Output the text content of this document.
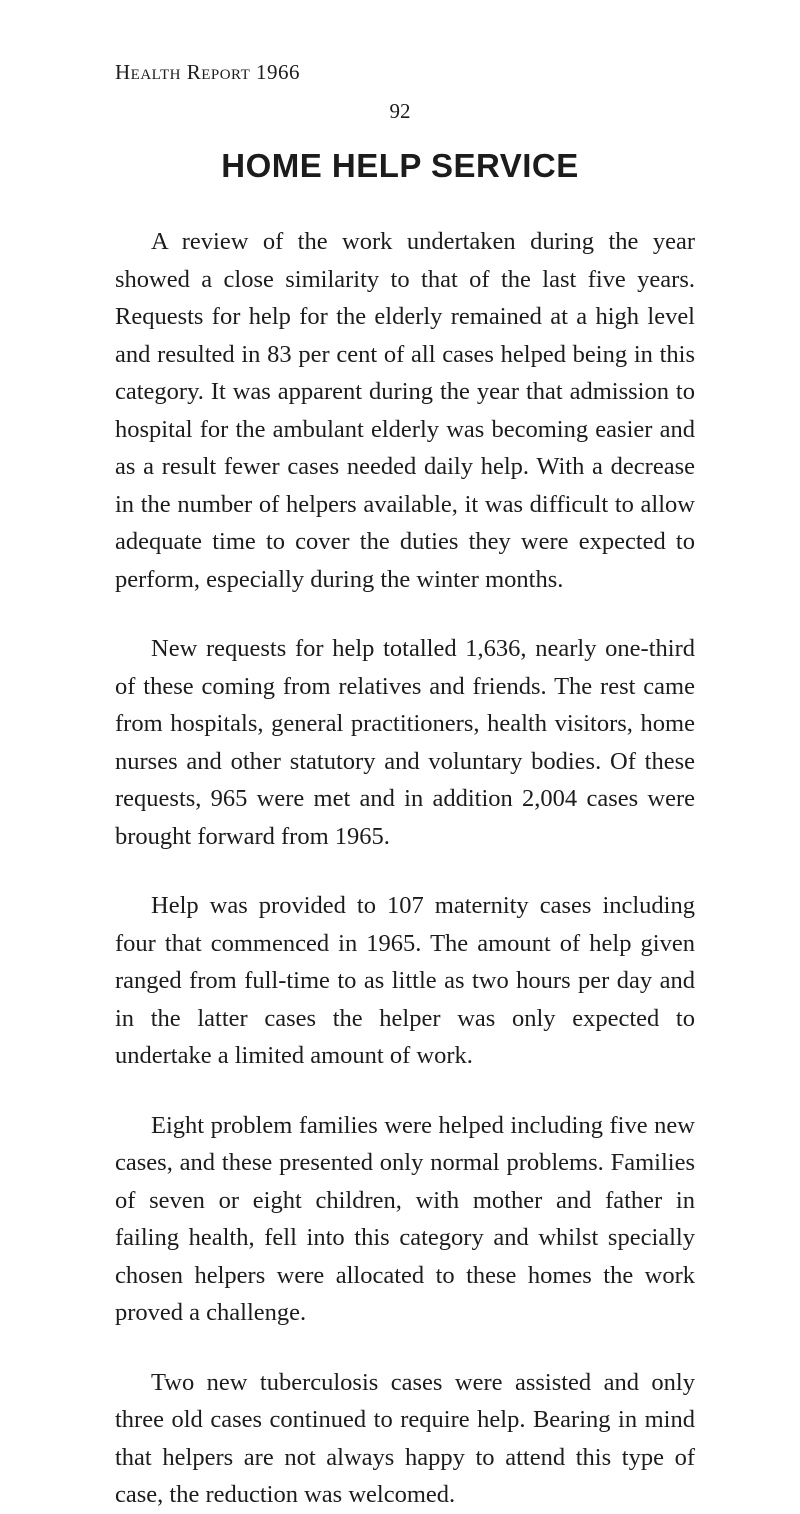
Health Report 1966
92
HOME HELP SERVICE

A review of the work undertaken during the year showed a close similarity to that of the last five years. Requests for help for the elderly remained at a high level and resulted in 83 per cent of all cases helped being in this category. It was apparent during the year that admission to hospital for the ambulant elderly was becoming easier and as a result fewer cases needed daily help. With a decrease in the number of helpers available, it was difficult to allow adequate time to cover the duties they were expected to perform, especially during the winter months.

New requests for help totalled 1,636, nearly one-third of these coming from relatives and friends. The rest came from hospitals, general practitioners, health visitors, home nurses and other statutory and voluntary bodies. Of these requests, 965 were met and in addition 2,004 cases were brought forward from 1965.

Help was provided to 107 maternity cases including four that commenced in 1965. The amount of help given ranged from full-time to as little as two hours per day and in the latter cases the helper was only expected to undertake a limited amount of work.

Eight problem families were helped including five new cases, and these presented only normal problems. Families of seven or eight children, with mother and father in failing health, fell into this category and whilst specially chosen helpers were allocated to these homes the work proved a challenge.

Two new tuberculosis cases were assisted and only three old cases continued to require help. Bearing in mind that helpers are not always happy to attend this type of case, the reduction was welcomed.
